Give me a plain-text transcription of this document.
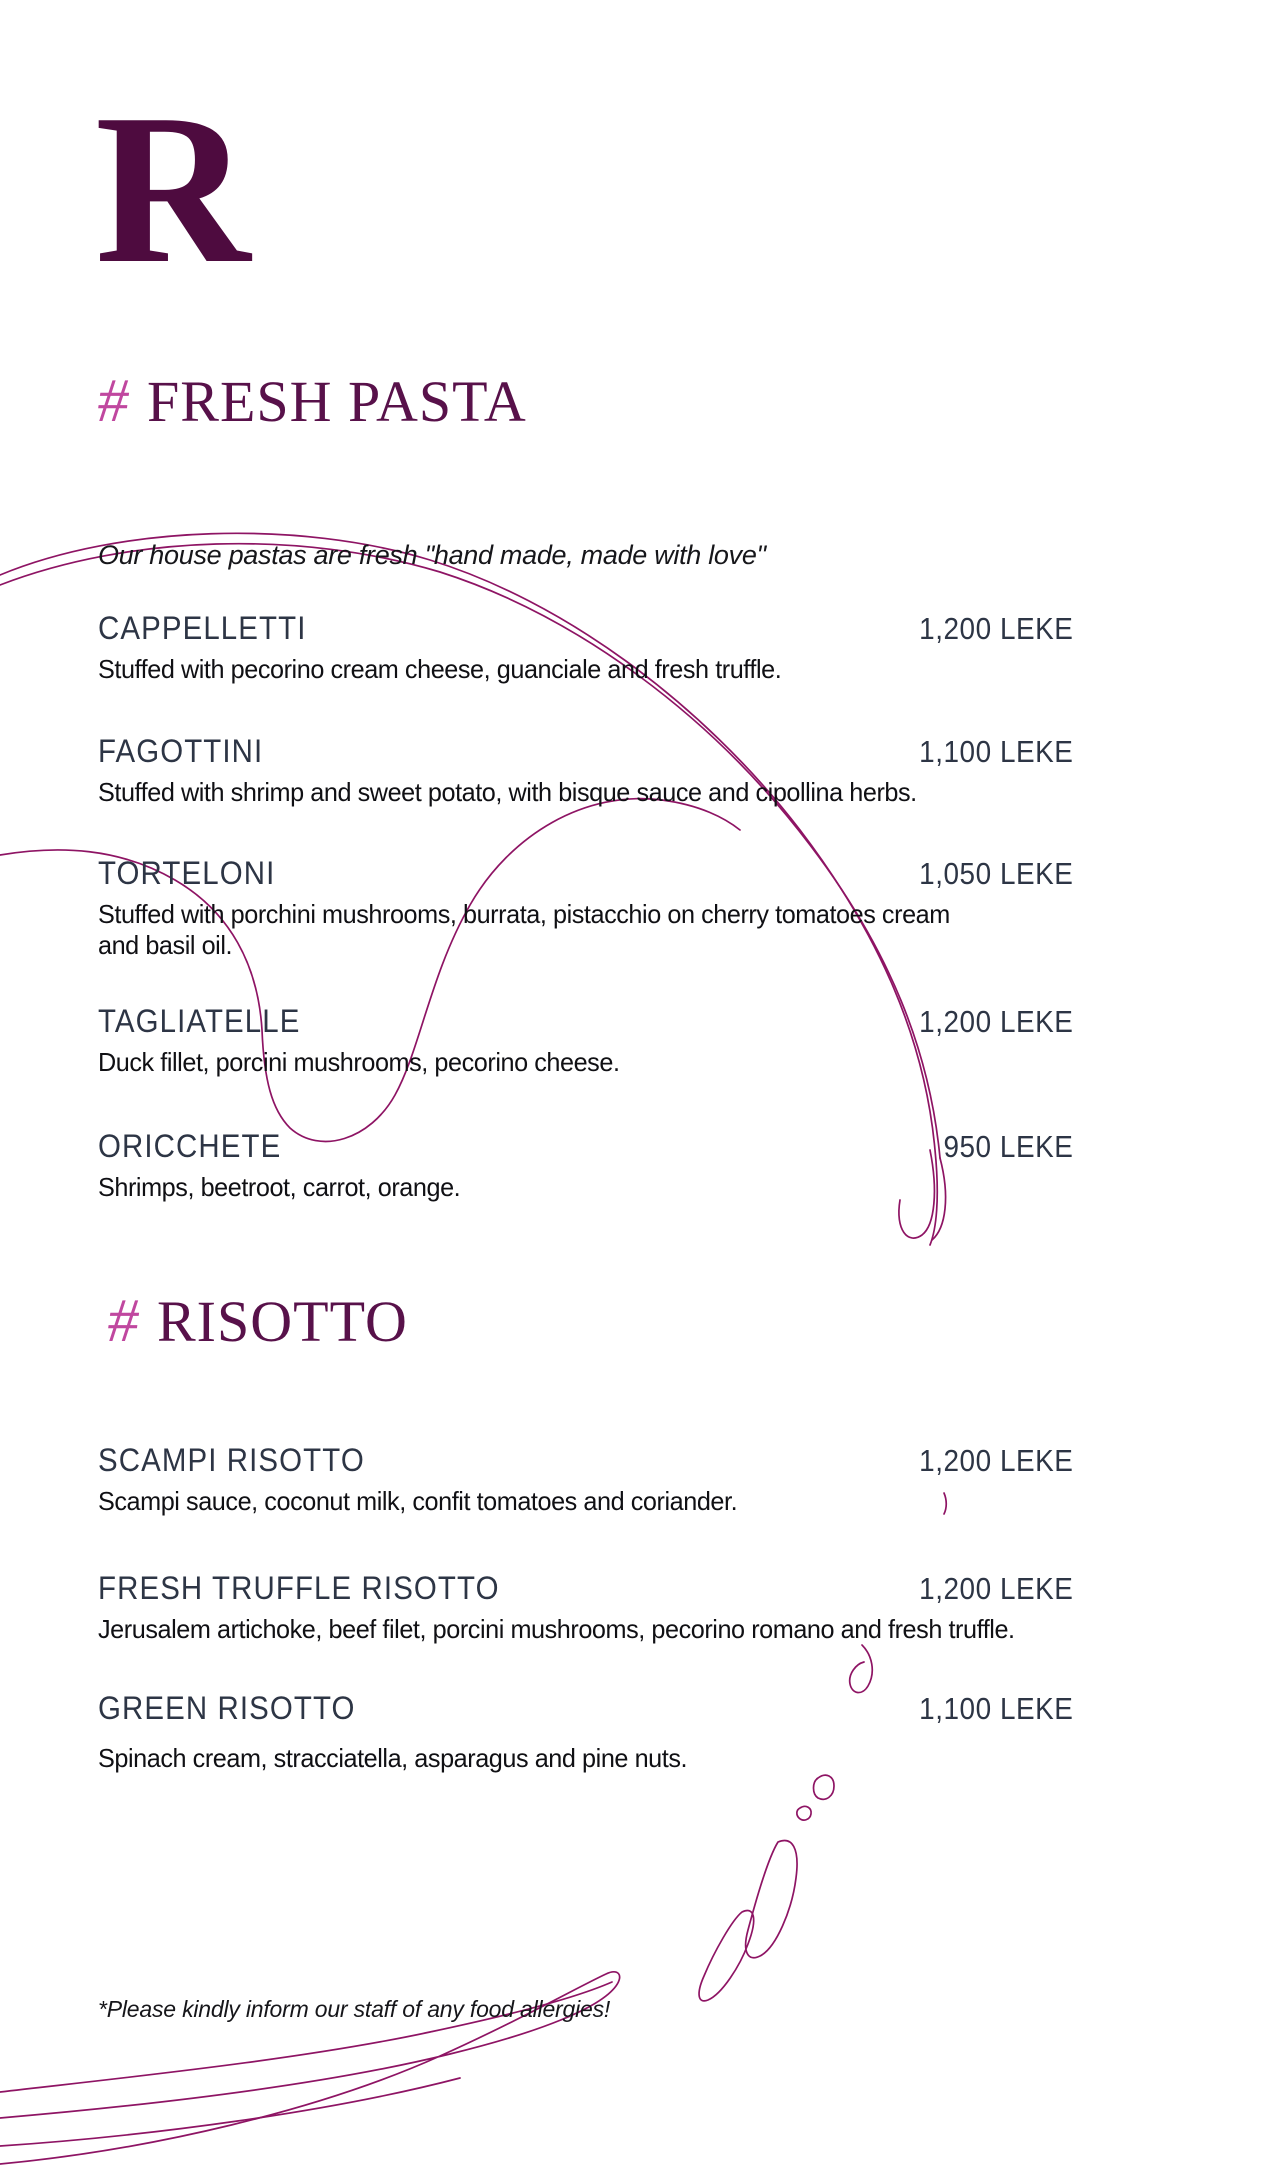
R
# FRESH PASTA
Our house pastas are fresh "hand made, made with love"
CAPPELLETTI	1,200 LEKE
Stuffed with pecorino cream cheese, guanciale and fresh truffle.
FAGOTTINI	1,100 LEKE
Stuffed with shrimp and sweet potato, with bisque sauce and cipollina herbs.
TORTELONI	1,050 LEKE
Stuffed with porchini mushrooms, burrata, pistacchio on cherry tomatoes cream and basil oil.
TAGLIATELLE	1,200 LEKE
Duck fillet, porcini mushrooms, pecorino cheese.
ORICCHETE	950 LEKE
Shrimps, beetroot, carrot, orange.
# RISOTTO
SCAMPI RISOTTO	1,200 LEKE
Scampi sauce, coconut milk, confit tomatoes and coriander.
FRESH TRUFFLE RISOTTO	1,200 LEKE
Jerusalem artichoke, beef filet, porcini mushrooms, pecorino romano and fresh truffle.
GREEN RISOTTO	1,100 LEKE
Spinach cream, stracciatella, asparagus and pine nuts.
*Please kindly inform our staff of any food allergies!
